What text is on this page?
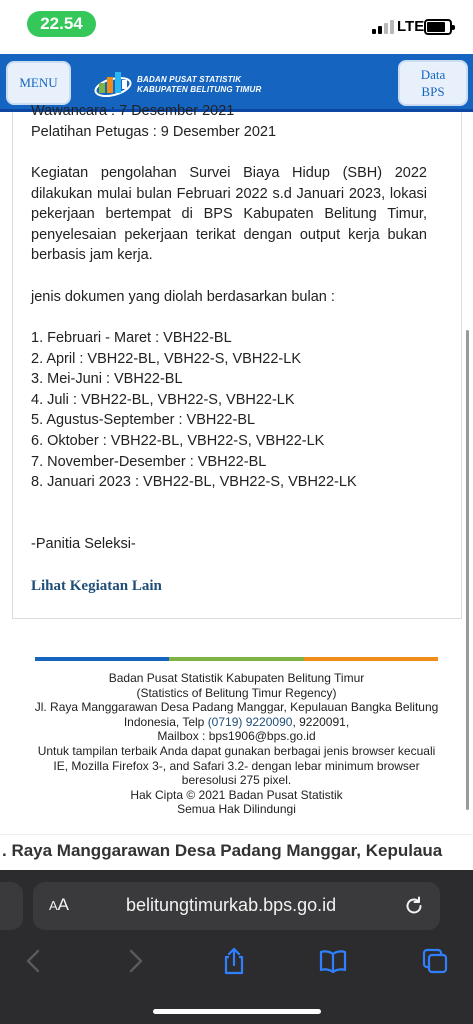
22.54	LTE
MENU	BADAN PUSAT STATISTIK
KABUPATEN BELITUNG TIMUR
Data
BPS
Wawancara : 7 Desember 2021
Pelatihan Petugas : 9 Desember 2021
Kegiatan pengolahan Survei Biaya Hidup (SBH) 2022 dilakukan mulai bulan Februari 2022 s.d Januari 2023, lokasi pekerjaan bertempat di BPS Kabupaten Belitung Timur, penyelesaian pekerjaan terikat dengan output kerja bukan berbasis jam kerja.
jenis dokumen yang diolah berdasarkan bulan :
1. Februari - Maret : VBH22-BL
2. April : VBH22-BL, VBH22-S, VBH22-LK
3. Mei-Juni : VBH22-BL
4. Juli : VBH22-BL, VBH22-S, VBH22-LK
5. Agustus-September : VBH22-BL
6. Oktober : VBH22-BL, VBH22-S, VBH22-LK
7. November-Desember : VBH22-BL
8. Januari 2023 : VBH22-BL, VBH22-S, VBH22-LK
-Panitia Seleksi-
Lihat Kegiatan Lain
Badan Pusat Statistik Kabupaten Belitung Timur
(Statistics of Belitung Timur Regency)
Jl. Raya Manggarawan Desa Padang Manggar, Kepulauan Bangka Belitung
Indonesia, Telp (0719) 9220090, 9220091,
Mailbox : bps1906@bps.go.id
Untuk tampilan terbaik Anda dapat gunakan berbagai jenis browser kecuali
IE, Mozilla Firefox 3-, and Safari 3.2- dengan lebar minimum browser
beresolusi 275 pixel.
Hak Cipta © 2021 Badan Pusat Statistik
Semua Hak Dilindungi
. Raya Manggarawan Desa Padang Manggar, Kepulaua
AA	belitungtimurkab.bps.go.id
